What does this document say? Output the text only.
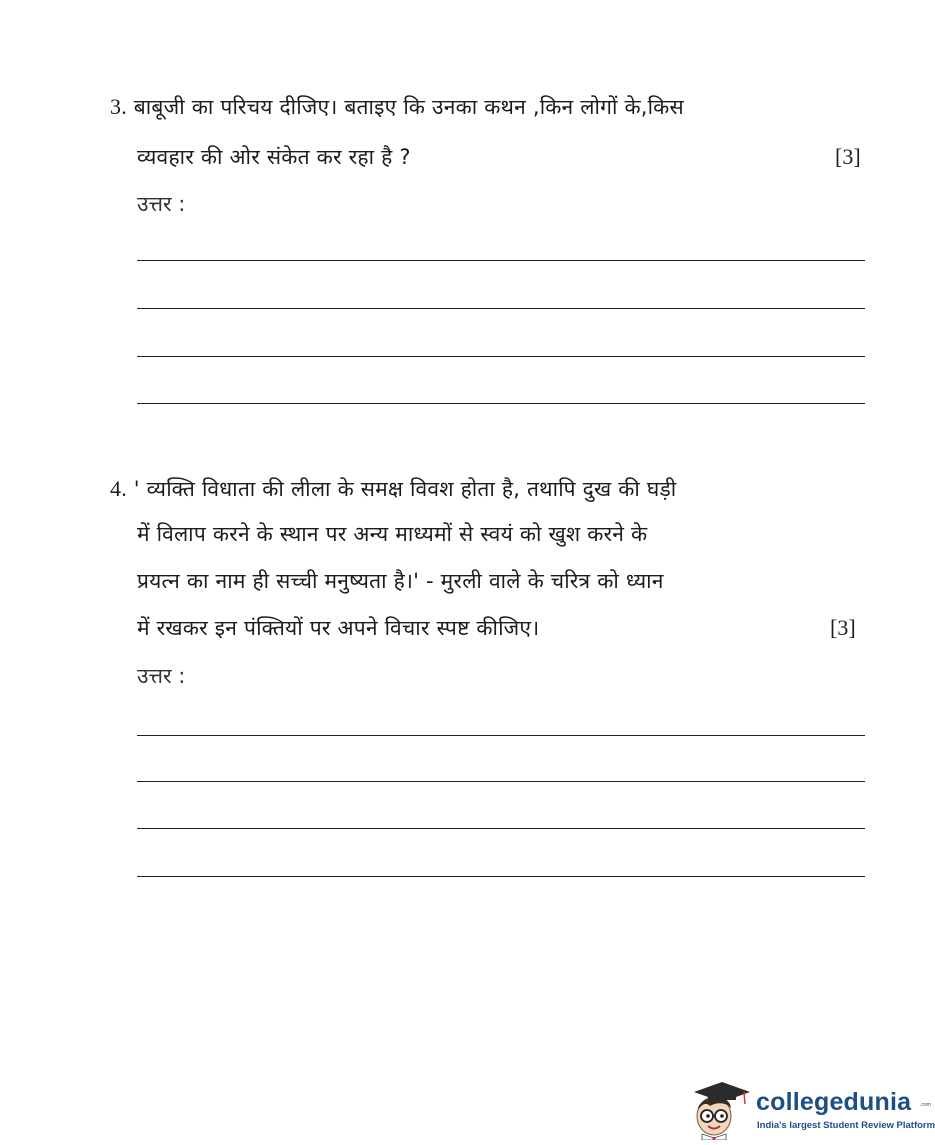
3. बाबूजी का परिचय दीजिए। बताइए कि उनका कथन ,किन लोगों के,किस
व्यवहार की ओर संकेत कर रहा है ?	[3]
उत्तर :
4. ' व्यक्ति विधाता की लीला के समक्ष विवश होता है, तथापि दुख की घड़ी
में विलाप करने के स्थान पर अन्य माध्यमों से स्वयं को खुश करने के
प्रयत्न का नाम ही सच्ची मनुष्यता है।' - मुरली वाले के चरित्र को ध्यान
में रखकर इन पंक्तियों पर अपने विचार स्पष्ट कीजिए।	[3]
उत्तर :
collegedunia .com
India's largest Student Review Platform
